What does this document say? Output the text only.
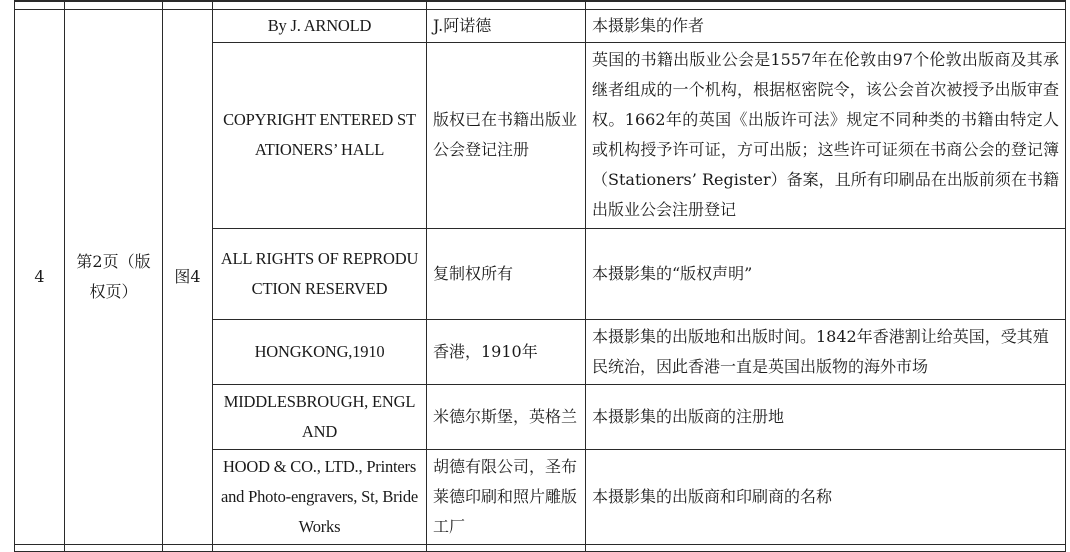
4	第2页（版权页）	图4	By J. ARNOLD	J.阿诺德	本摄影集的作者
			COPYRIGHT ENTERED STATIONERS’ HALL	版权已在书籍出版业公会登记注册	英国的书籍出版业公会是1557年在伦敦由97个伦敦出版商及其承继者组成的一个机构，根据枢密院令，该公会首次被授予出版审查权。1662年的英国《出版许可法》规定不同种类的书籍由特定人或机构授予许可证，方可出版；这些许可证须在书商公会的登记簿（Stationers’ Register）备案，且所有印刷品在出版前须在书籍出版业公会注册登记
			ALL RIGHTS OF REPRODUCTION RESERVED	复制权所有	本摄影集的“版权声明”
			HONGKONG,1910	香港，1910年	本摄影集的出版地和出版时间。1842年香港割让给英国，受其殖民统治，因此香港一直是英国出版物的海外市场
			MIDDLESBROUGH, ENGLAND	米德尔斯堡，英格兰	本摄影集的出版商的注册地
			HOOD & CO., LTD., Printers and Photo-engravers, St, Bride Works	胡德有限公司，圣布莱德印刷和照片雕版工厂	本摄影集的出版商和印刷商的名称
